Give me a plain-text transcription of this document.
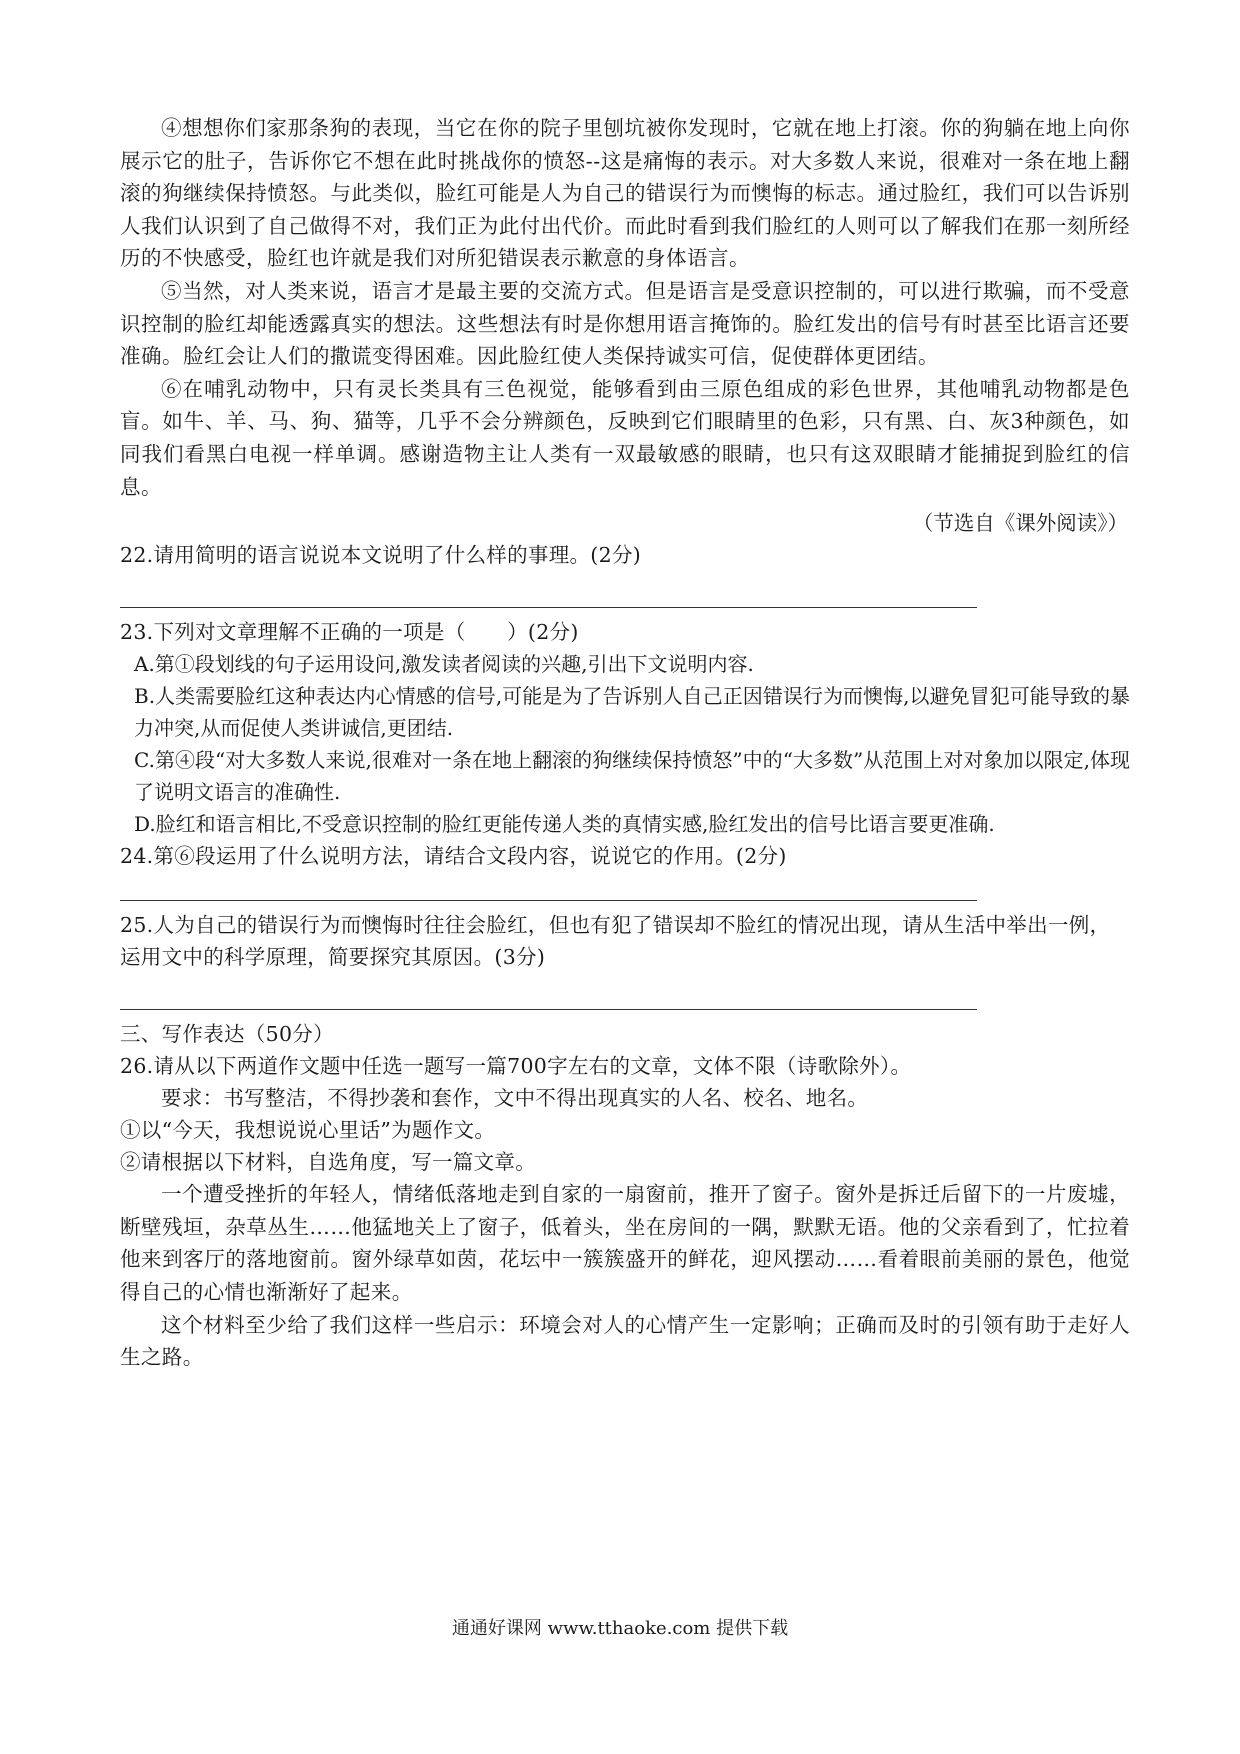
④想想你们家那条狗的表现，当它在你的院子里刨坑被你发现时，它就在地上打滚。你的狗躺在地上向你展示它的肚子，告诉你它不想在此时挑战你的愤怒--这是痛悔的表示。对大多数人来说，很难对一条在地上翻滚的狗继续保持愤怒。与此类似，脸红可能是人为自己的错误行为而懊悔的标志。通过脸红，我们可以告诉别人我们认识到了自己做得不对，我们正为此付出代价。而此时看到我们脸红的人则可以了解我们在那一刻所经历的不快感受，脸红也许就是我们对所犯错误表示歉意的身体语言。

⑤当然，对人类来说，语言才是最主要的交流方式。但是语言是受意识控制的，可以进行欺骗，而不受意识控制的脸红却能透露真实的想法。这些想法有时是你想用语言掩饰的。脸红发出的信号有时甚至比语言还要准确。脸红会让人们的撒谎变得困难。因此脸红使人类保持诚实可信，促使群体更团结。

⑥在哺乳动物中，只有灵长类具有三色视觉，能够看到由三原色组成的彩色世界，其他哺乳动物都是色盲。如牛、羊、马、狗、猫等，几乎不会分辨颜色，反映到它们眼睛里的色彩，只有黑、白、灰3种颜色，如同我们看黑白电视一样单调。感谢造物主让人类有一双最敏感的眼睛，也只有这双眼睛才能捕捉到脸红的信息。

（节选自《课外阅读》）

22.请用简明的语言说说本文说明了什么样的事理。(2分)

23.下列对文章理解不正确的一项是（　　）(2分)

A.第①段划线的句子运用设问,激发读者阅读的兴趣,引出下文说明内容.

B.人类需要脸红这种表达内心情感的信号,可能是为了告诉别人自己正因错误行为而懊悔,以避免冒犯可能导致的暴力冲突,从而促使人类讲诚信,更团结.

C.第④段“对大多数人来说,很难对一条在地上翻滚的狗继续保持愤怒”中的“大多数”从范围上对对象加以限定,体现了说明文语言的准确性.

D.脸红和语言相比,不受意识控制的脸红更能传递人类的真情实感,脸红发出的信号比语言要更准确.

24.第⑥段运用了什么说明方法，请结合文段内容，说说它的作用。(2分)

25.人为自己的错误行为而懊悔时往往会脸红，但也有犯了错误却不脸红的情况出现，请从生活中举出一例，运用文中的科学原理，简要探究其原因。(3分)

三、写作表达（50分）

26.请从以下两道作文题中任选一题写一篇700字左右的文章，文体不限（诗歌除外）。

要求：书写整洁，不得抄袭和套作，文中不得出现真实的人名、校名、地名。

①以“今天，我想说说心里话”为题作文。

②请根据以下材料，自选角度，写一篇文章。

一个遭受挫折的年轻人，情绪低落地走到自家的一扇窗前，推开了窗子。窗外是拆迁后留下的一片废墟，断壁残垣，杂草丛生……他猛地关上了窗子，低着头，坐在房间的一隅，默默无语。他的父亲看到了，忙拉着他来到客厅的落地窗前。窗外绿草如茵，花坛中一簇簇盛开的鲜花，迎风摆动……看着眼前美丽的景色，他觉得自己的心情也渐渐好了起来。

这个材料至少给了我们这样一些启示：环境会对人的心情产生一定影响；正确而及时的引领有助于走好人生之路。

通通好课网 www.tthaoke.com 提供下载
